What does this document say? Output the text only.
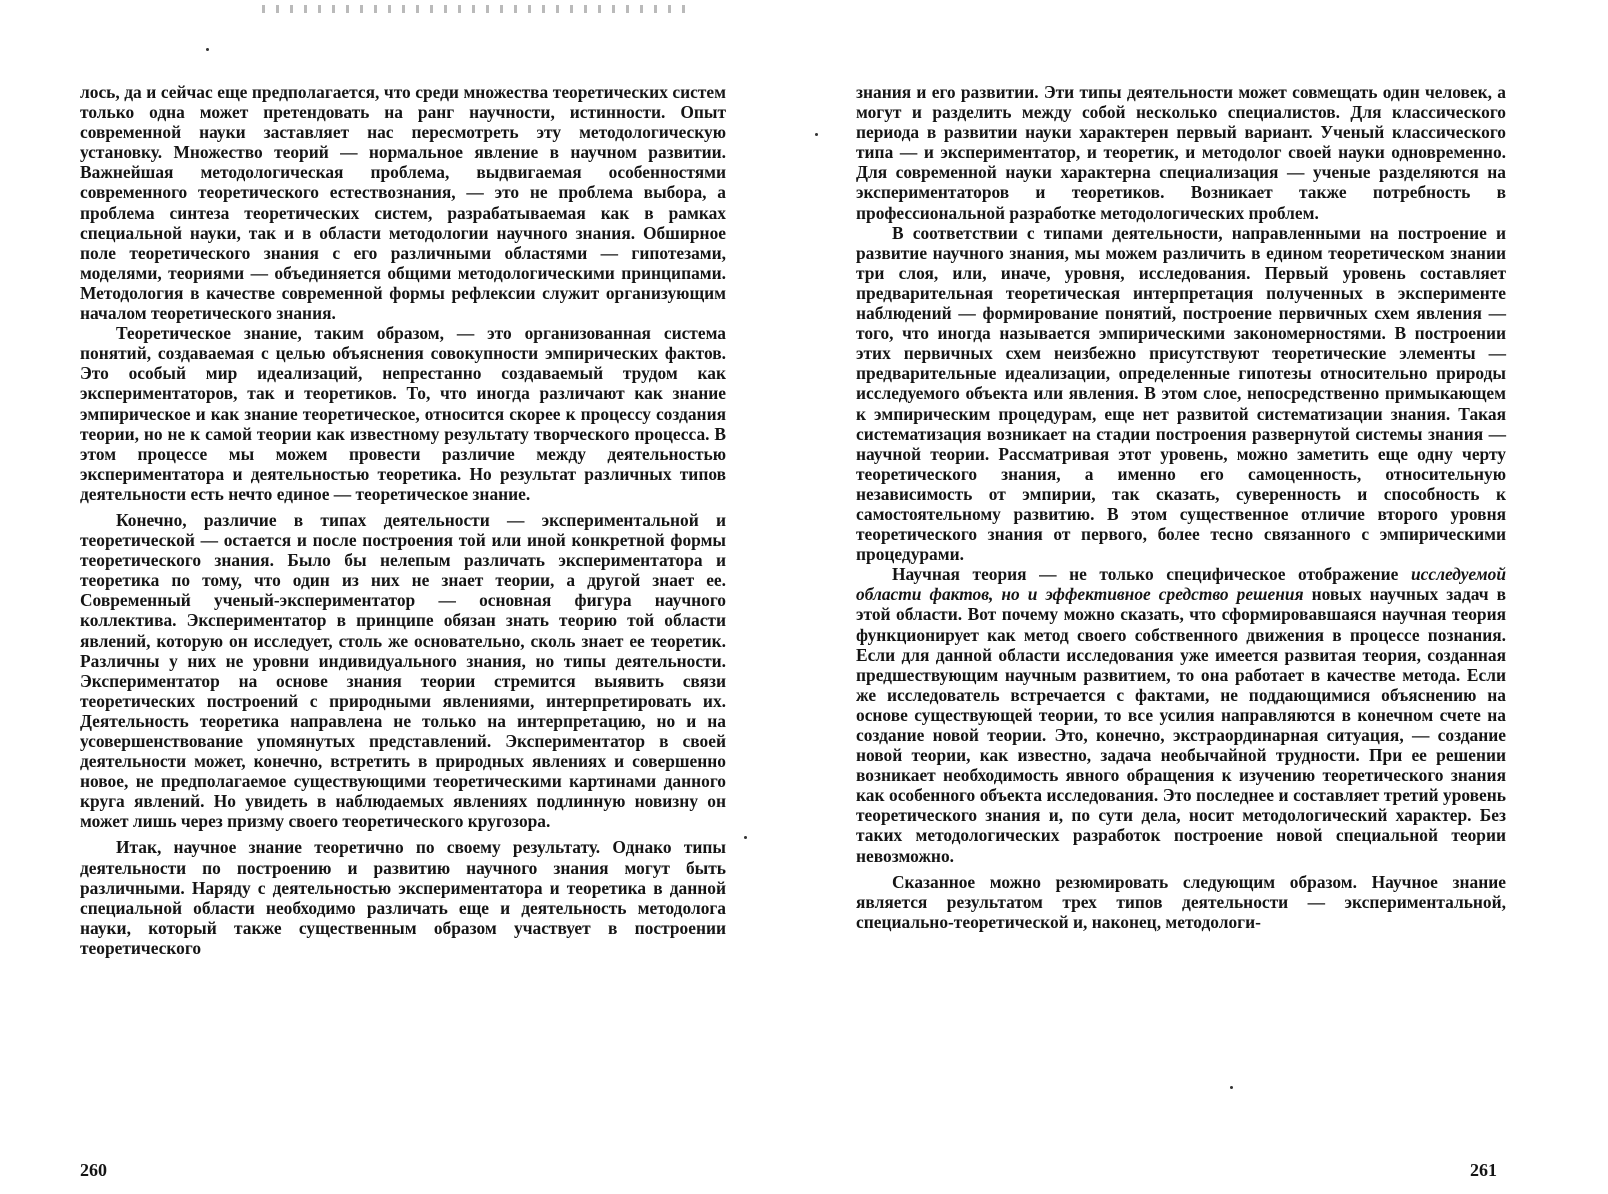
лось, да и сейчас еще предполагается, что среди множества теоретических систем только одна может претендовать на ранг научности, истинности. Опыт современной науки заставляет нас пересмотреть эту методологическую установку. Множество теорий — нормальное явление в научном развитии. Важнейшая методологическая проблема, выдвигаемая особенностями современного теоретического естествознания, — это не проблема выбора, а проблема синтеза теоретических систем, разрабатываемая как в рамках специальной науки, так и в области методологии научного знания. Обширное поле теоретического знания с его различными областями — гипотезами, моделями, теориями — объединяется общими методологическими принципами. Методология в качестве современной формы рефлексии служит организующим началом теоретического знания.

Теоретическое знание, таким образом, — это организованная система понятий, создаваемая с целью объяснения совокупности эмпирических фактов. Это особый мир идеализаций, непрестанно создаваемый трудом как экспериментаторов, так и теоретиков. То, что иногда различают как знание эмпирическое и как знание теоретическое, относится скорее к процессу создания теории, но не к самой теории как известному результату творческого процесса. В этом процессе мы можем провести различие между деятельностью экспериментатора и деятельностью теоретика. Но результат различных типов деятельности есть нечто единое — теоретическое знание.

Конечно, различие в типах деятельности — экспериментальной и теоретической — остается и после построения той или иной конкретной формы теоретического знания. Было бы нелепым различать экспериментатора и теоретика по тому, что один из них не знает теории, а другой знает ее. Современный ученый-экспериментатор — основная фигура научного коллектива. Экспериментатор в принципе обязан знать теорию той области явлений, которую он исследует, столь же основательно, сколь знает ее теоретик. Различны у них не уровни индивидуального знания, но типы деятельности. Экспериментатор на основе знания теории стремится выявить связи теоретических построений с природными явлениями, интерпретировать их. Деятельность теоретика направлена не только на интерпретацию, но и на усовершенствование упомянутых представлений. Экспериментатор в своей деятельности может, конечно, встретить в природных явлениях и совершенно новое, не предполагаемое существующими теоретическими картинами данного круга явлений. Но увидеть в наблюдаемых явлениях подлинную новизну он может лишь через призму своего теоретического кругозора.

Итак, научное знание теоретично по своему результату. Однако типы деятельности по построению и развитию научного знания могут быть различными. Наряду с деятельностью экспериментатора и теоретика в данной специальной области необходимо различать еще и деятельность методолога науки, который также существенным образом участвует в построении теоретического

260

знания и его развитии. Эти типы деятельности может совмещать один человек, а могут и разделить между собой несколько специалистов. Для классического периода в развитии науки характерен первый вариант. Ученый классического типа — и экспериментатор, и теоретик, и методолог своей науки одновременно. Для современной науки характерна специализация — ученые разделяются на экспериментаторов и теоретиков. Возникает также потребность в профессиональной разработке методологических проблем.

В соответствии с типами деятельности, направленными на построение и развитие научного знания, мы можем различить в едином теоретическом знании три слоя, или, иначе, уровня, исследования. Первый уровень составляет предварительная теоретическая интерпретация полученных в эксперименте наблюдений — формирование понятий, построение первичных схем явления — того, что иногда называется эмпирическими закономерностями. В построении этих первичных схем неизбежно присутствуют теоретические элементы — предварительные идеализации, определенные гипотезы относительно природы исследуемого объекта или явления. В этом слое, непосредственно примыкающем к эмпирическим процедурам, еще нет развитой систематизации знания. Такая систематизация возникает на стадии построения развернутой системы знания — научной теории. Рассматривая этот уровень, можно заметить еще одну черту теоретического знания, а именно его самоценность, относительную независимость от эмпирии, так сказать, суверенность и способность к самостоятельному развитию. В этом существенное отличие второго уровня теоретического знания от первого, более тесно связанного с эмпирическими процедурами.

Научная теория — не только специфическое отображение исследуемой области фактов, но и эффективное средство решения новых научных задач в этой области. Вот почему можно сказать, что сформировавшаяся научная теория функционирует как метод своего собственного движения в процессе познания. Если для данной области исследования уже имеется развитая теория, созданная предшествующим научным развитием, то она работает в качестве метода. Если же исследователь встречается с фактами, не поддающимися объяснению на основе существующей теории, то все усилия направляются в конечном счете на создание новой теории. Это, конечно, экстраординарная ситуация, — создание новой теории, как известно, задача необычайной трудности. При ее решении возникает необходимость явного обращения к изучению теоретического знания как особенного объекта исследования. Это последнее и составляет третий уровень теоретического знания и, по сути дела, носит методологический характер. Без таких методологических разработок построение новой специальной теории невозможно.

Сказанное можно резюмировать следующим образом. Научное знание является результатом трех типов деятельности — экспериментальной, специально-теоретической и, наконец, методологи-

261
